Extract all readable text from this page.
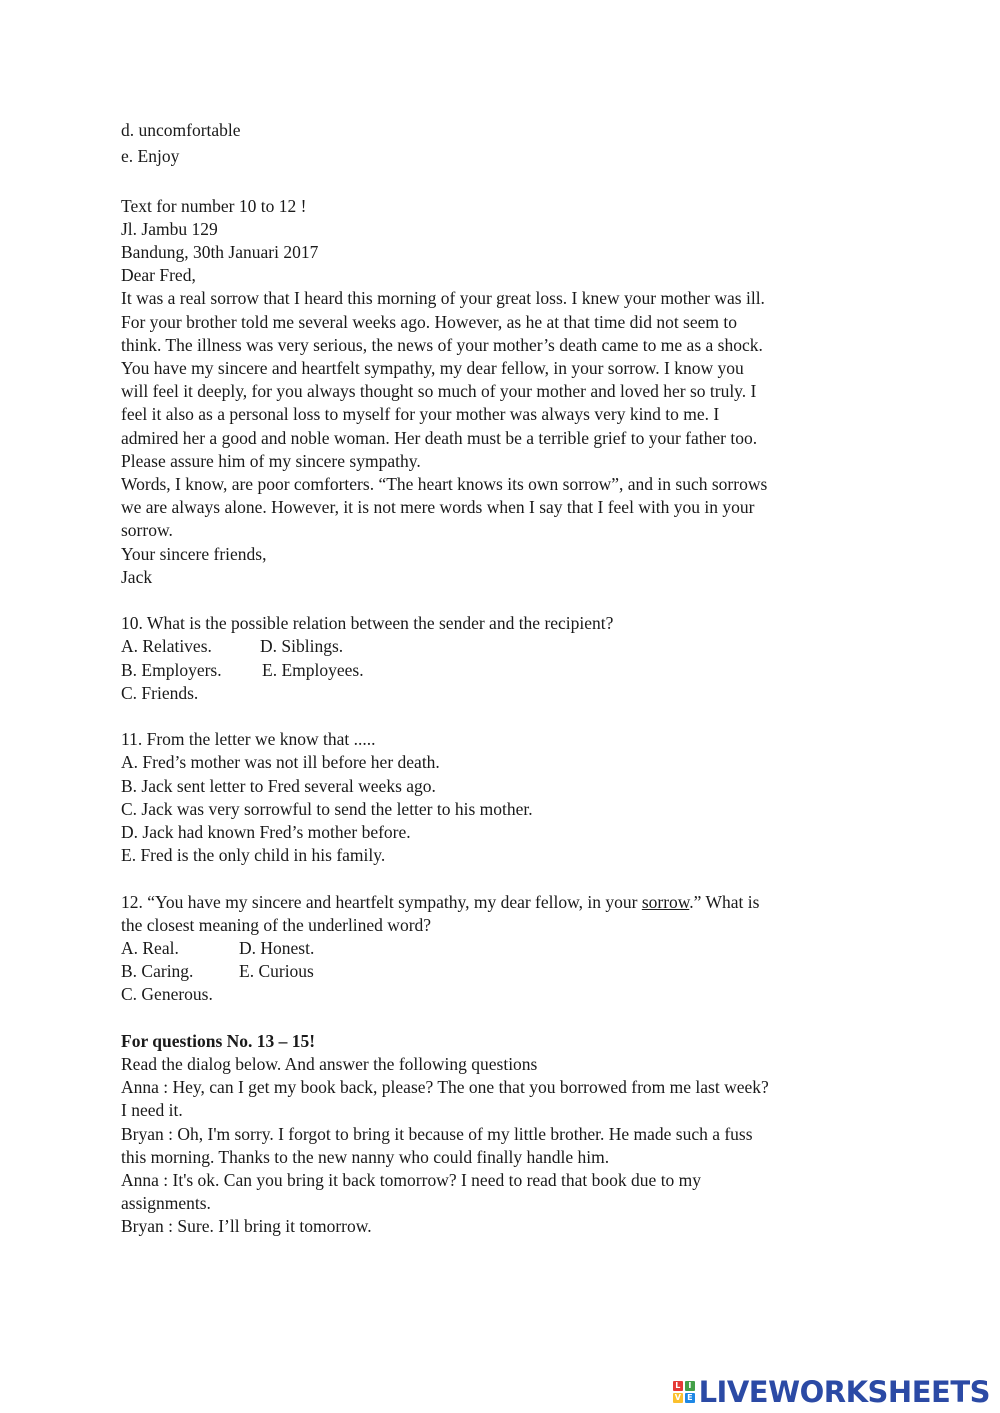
d. uncomfortable
e. Enjoy
Text for number 10 to 12 !
Jl. Jambu 129
Bandung, 30th Januari 2017
Dear Fred,
It was a real sorrow that I heard this morning of your great loss. I knew your mother was ill.
For your brother told me several weeks ago. However, as he at that time did not seem to
think. The illness was very serious, the news of your mother’s death came to me as a shock.
You have my sincere and heartfelt sympathy, my dear fellow, in your sorrow. I know you
will feel it deeply, for you always thought so much of your mother and loved her so truly. I
feel it also as a personal loss to myself for your mother was always very kind to me. I
admired her a good and noble woman. Her death must be a terrible grief to your father too.
Please assure him of my sincere sympathy.
Words, I know, are poor comforters. “The heart knows its own sorrow”, and in such sorrows
we are always alone. However, it is not mere words when I say that I feel with you in your
sorrow.
Your sincere friends,
Jack
10. What is the possible relation between the sender and the recipient?
A. Relatives.	D. Siblings.
B. Employers. E. Employees.
C. Friends.
11. From the letter we know that .....
A. Fred’s mother was not ill before her death.
B. Jack sent letter to Fred several weeks ago.
C. Jack was very sorrowful to send the letter to his mother.
D. Jack had known Fred’s mother before.
E. Fred is the only child in his family.
12. “You have my sincere and heartfelt sympathy, my dear fellow, in your sorrow.” What is
the closest meaning of the underlined word?
A. Real.	D. Honest.
B. Caring.	E. Curious
C. Generous.
For questions No. 13 – 15!
Read the dialog below. And answer the following questions
Anna : Hey, can I get my book back, please? The one that you borrowed from me last week?
I need it.
Bryan : Oh, I'm sorry. I forgot to bring it because of my little brother. He made such a fuss
this morning. Thanks to the new nanny who could finally handle him.
Anna : It's ok. Can you bring it back tomorrow? I need to read that book due to my
assignments.
Bryan : Sure. I’ll bring it tomorrow.
L	I
V E LIVEWORKSHEETS
